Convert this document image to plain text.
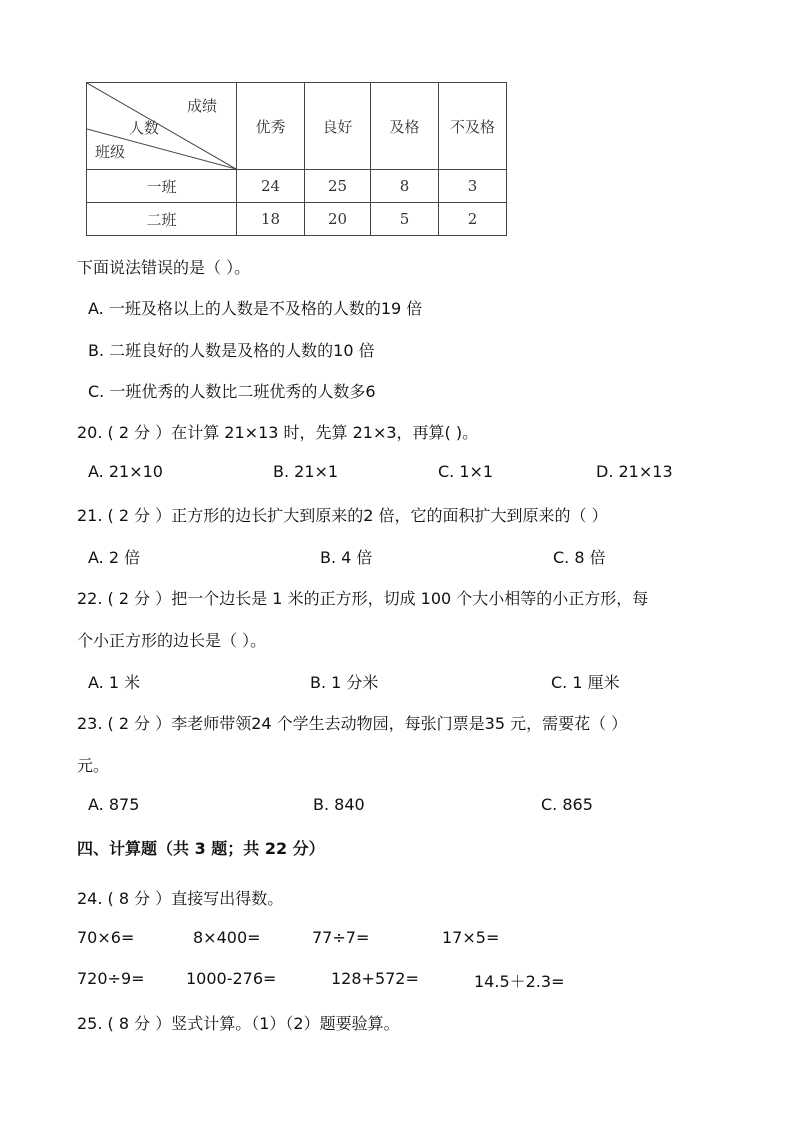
成绩
人数
班级	优秀	良好	及格	不及格
一班	24	25	8	3
二班	18	20	5	2
下面说法错误的是（ ）。
A. 一班及格以上的人数是不及格的人数的19 倍
B. 二班良好的人数是及格的人数的10 倍
C. 一班优秀的人数比二班优秀的人数多6
20. ( 2 分 ）在计算 21×13 时，先算 21×3，再算( )。
A. 21×10	B. 21×1	C. 1×1	D. 21×13
21. ( 2 分 ）正方形的边长扩大到原来的2 倍，它的面积扩大到原来的（ ）
A. 2 倍	B. 4 倍	C. 8 倍
22. ( 2 分 ）把一个边长是 1 米的正方形，切成 100 个大小相等的小正方形，每
个小正方形的边长是（ ）。
A. 1 米	B. 1 分米	C. 1 厘米
23. ( 2 分 ）李老师带领24 个学生去动物园，每张门票是35 元，需要花（ ）
元。
A. 875	B. 840	C. 865
四、计算题（共 3 题；共 22 分）
24. ( 8 分 ）直接写出得数。
70×6=	8×400=	77÷7=	17×5=
720÷9=	1000-276=	128+572=	14.5＋2.3=
25. ( 8 分 ）竖式计算。（1）（2）题要验算。
